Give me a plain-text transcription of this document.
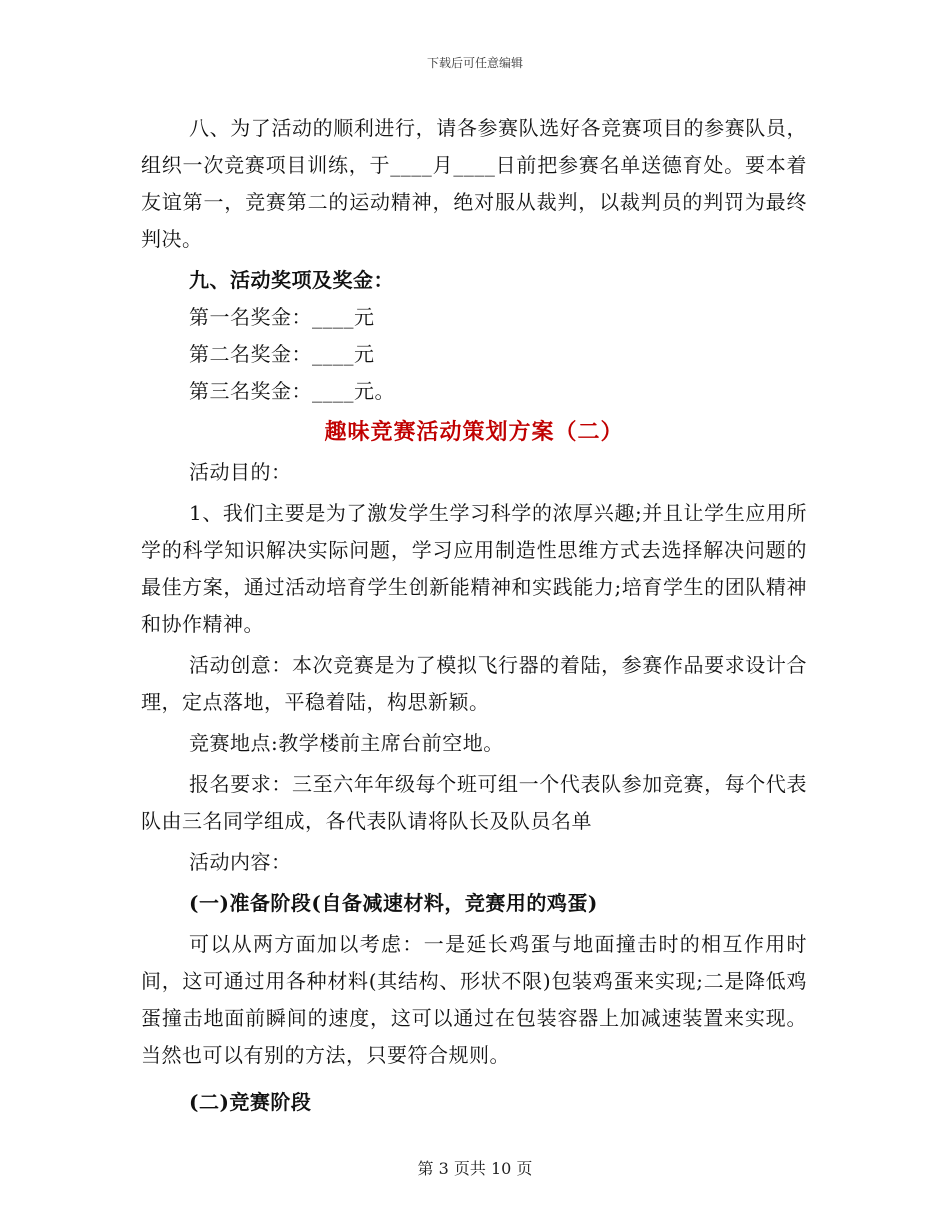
下载后可任意编辑

八、为了活动的顺利进行，请各参赛队选好各竞赛项目的参赛队员，组织一次竞赛项目训练，于____月____日前把参赛名单送德育处。要本着友谊第一，竞赛第二的运动精神，绝对服从裁判，以裁判员的判罚为最终判决。

九、活动奖项及奖金：

第一名奖金：____元

第二名奖金：____元

第三名奖金：____元。

趣味竞赛活动策划方案（二）

活动目的：

1、我们主要是为了激发学生学习科学的浓厚兴趣;并且让学生应用所学的科学知识解决实际问题，学习应用制造性思维方式去选择解决问题的最佳方案，通过活动培育学生创新能精神和实践能力;培育学生的团队精神和协作精神。

活动创意：本次竞赛是为了模拟飞行器的着陆，参赛作品要求设计合理，定点落地，平稳着陆，构思新颖。

竞赛地点:教学楼前主席台前空地。

报名要求：三至六年年级每个班可组一个代表队参加竞赛，每个代表队由三名同学组成，各代表队请将队长及队员名单

活动内容：

(一)准备阶段(自备减速材料，竞赛用的鸡蛋)

可以从两方面加以考虑：一是延长鸡蛋与地面撞击时的相互作用时间，这可通过用各种材料(其结构、形状不限)包装鸡蛋来实现;二是降低鸡蛋撞击地面前瞬间的速度，这可以通过在包装容器上加减速装置来实现。当然也可以有别的方法，只要符合规则。

(二)竞赛阶段

第 3 页共 10 页
